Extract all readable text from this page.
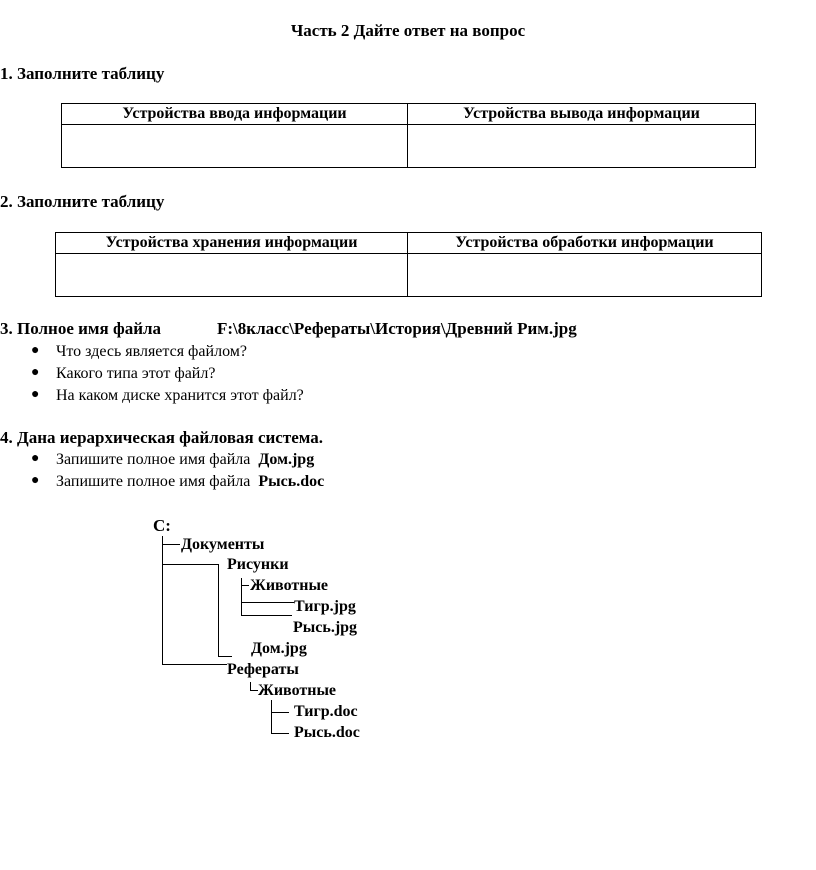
Часть 2 Дайте ответ на вопрос
1. Заполните таблицу
Устройства ввода информации	Устройства вывода информации

2. Заполните таблицу
Устройства хранения информации	Устройства обработки информации

3. Полное имя файла	F:\8класс\Рефераты\История\Древний Рим.jpg
● Что здесь является файлом?
● Какого типа этот файл?
● На каком диске хранится этот файл?
4. Дана иерархическая файловая система.
● Запишите полное имя файла Дом.jpg
● Запишите полное имя файла Рысь.doc
C:
Документы
Рисунки
Животные
Тигр.jpg
Рысь.jpg
Дом.jpg
Рефераты
Животные
Тигр.doc
Рысь.doc
